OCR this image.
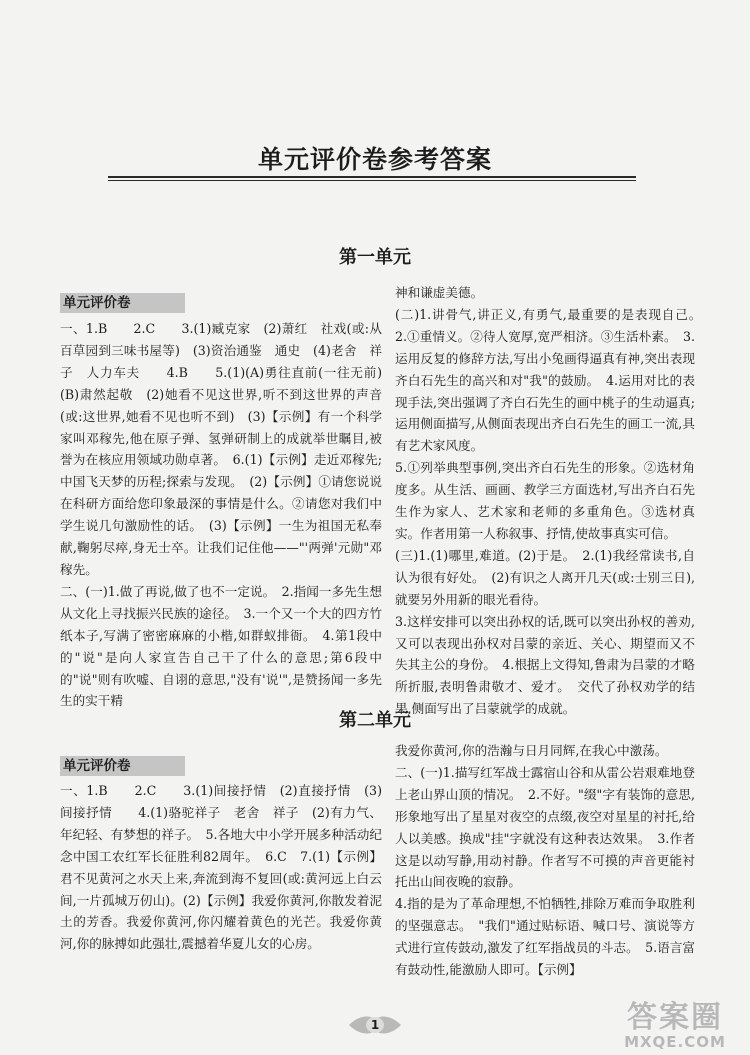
单元评价卷参考答案
第一单元
单元评价卷

一、1.B　　2.C　　3.(1)臧克家　(2)萧红　社戏(或:从百草园到三味书屋等)　(3)资治通鉴　通史　(4)老舍　祥子　人力车夫　　4.B　　5.(1)(A)勇往直前(一往无前)　(B)肃然起敬　(2)她看不见这世界,听不到这世界的声音(或:这世界,她看不见也听不到)　(3)【示例】有一个科学家叫邓稼先,他在原子弹、氢弹研制上的成就举世瞩目,被誉为在核应用领域功勋卓著。　6.(1)【示例】走近邓稼先;中国飞天梦的历程;探索与发现。　(2)【示例】①请您说说在科研方面给您印象最深的事情是什么。②请您对我们中学生说几句激励性的话。　(3)【示例】一生为祖国无私奉献,鞠躬尽瘁,身无士卒。让我们记住他——"'两弹'元勋"邓稼先。

二、(一)1.做了再说,做了也不一定说。　2.指闻一多先生想从文化上寻找振兴民族的途径。　3.一个又一个大的四方竹纸本子,写满了密密麻麻的小楷,如群蚁排衙。　4.第1段中的"说"是向人家宣告自己干了什么的意思;第6段中的"说"则有吹嘘、自诩的意思,"没有'说'",是赞扬闻一多先生的实干精

神和谦虚美德。

(二)1.讲骨气,讲正义,有勇气,最重要的是表现自己。　2.①重情义。②待人宽厚,宽严相济。③生活朴素。　3.运用反复的修辞方法,写出小兔画得逼真有神,突出表现齐白石先生的高兴和对"我"的鼓励。　4.运用对比的表现手法,突出强调了齐白石先生的画中桃子的生动逼真;运用侧面描写,从侧面表现出齐白石先生的画工一流,具有艺术家风度。

5.①列举典型事例,突出齐白石先生的形象。②选材角度多。从生活、画画、教学三方面选材,写出齐白石先生作为家人、艺术家和老师的多重角色。③选材真实。作者用第一人称叙事、抒情,使故事真实可信。

(三)1.(1)哪里,难道。(2)于是。　2.(1)我经常读书,自认为很有好处。　(2)有识之人离开几天(或:士别三日),就要另外用新的眼光看待。

3.这样安排可以突出孙权的话,既可以突出孙权的善劝,又可以表现出孙权对吕蒙的亲近、关心、期望而又不失其主公的身份。　4.根据上文得知,鲁肃为吕蒙的才略所折服,表明鲁肃敬才、爱才。　交代了孙权劝学的结果,侧面写出了吕蒙就学的成就。

第二单元
单元评价卷

一、1.B　　2.C　　3.(1)间接抒情　(2)直接抒情　(3)间接抒情　　4.(1)骆驼祥子　老舍　祥子　(2)有力气、年纪轻、有梦想的祥子。　5.各地大中小学开展多种活动纪念中国工农红军长征胜利82周年。　6.C　7.(1)【示例】君不见黄河之水天上来,奔流到海不复回(或:黄河远上白云间,一片孤城万仞山)。(2)【示例】我爱你黄河,你散发着泥土的芳香。我爱你黄河,你闪耀着黄色的光芒。我爱你黄河,你的脉搏如此强壮,震撼着华夏儿女的心房。

我爱你黄河,你的浩瀚与日月同辉,在我心中激荡。

二、(一)1.描写红军战士露宿山谷和从雷公岩艰难地登上老山界山顶的情况。　2.不好。"缀"字有装饰的意思,形象地写出了星星对夜空的点缀,夜空对星星的衬托,给人以美感。换成"挂"字就没有这种表达效果。　3.作者这是以动写静,用动衬静。作者写不可摸的声音更能衬托出山间夜晚的寂静。

4.指的是为了革命理想,不怕牺牲,排除万难而争取胜利的坚强意志。　"我们"通过贴标语、喊口号、演说等方式进行宣传鼓动,激发了红军指战员的斗志。　5.语言富有鼓动性,能激励人即可。【示例】

1	答案圈
MXQE.COM
